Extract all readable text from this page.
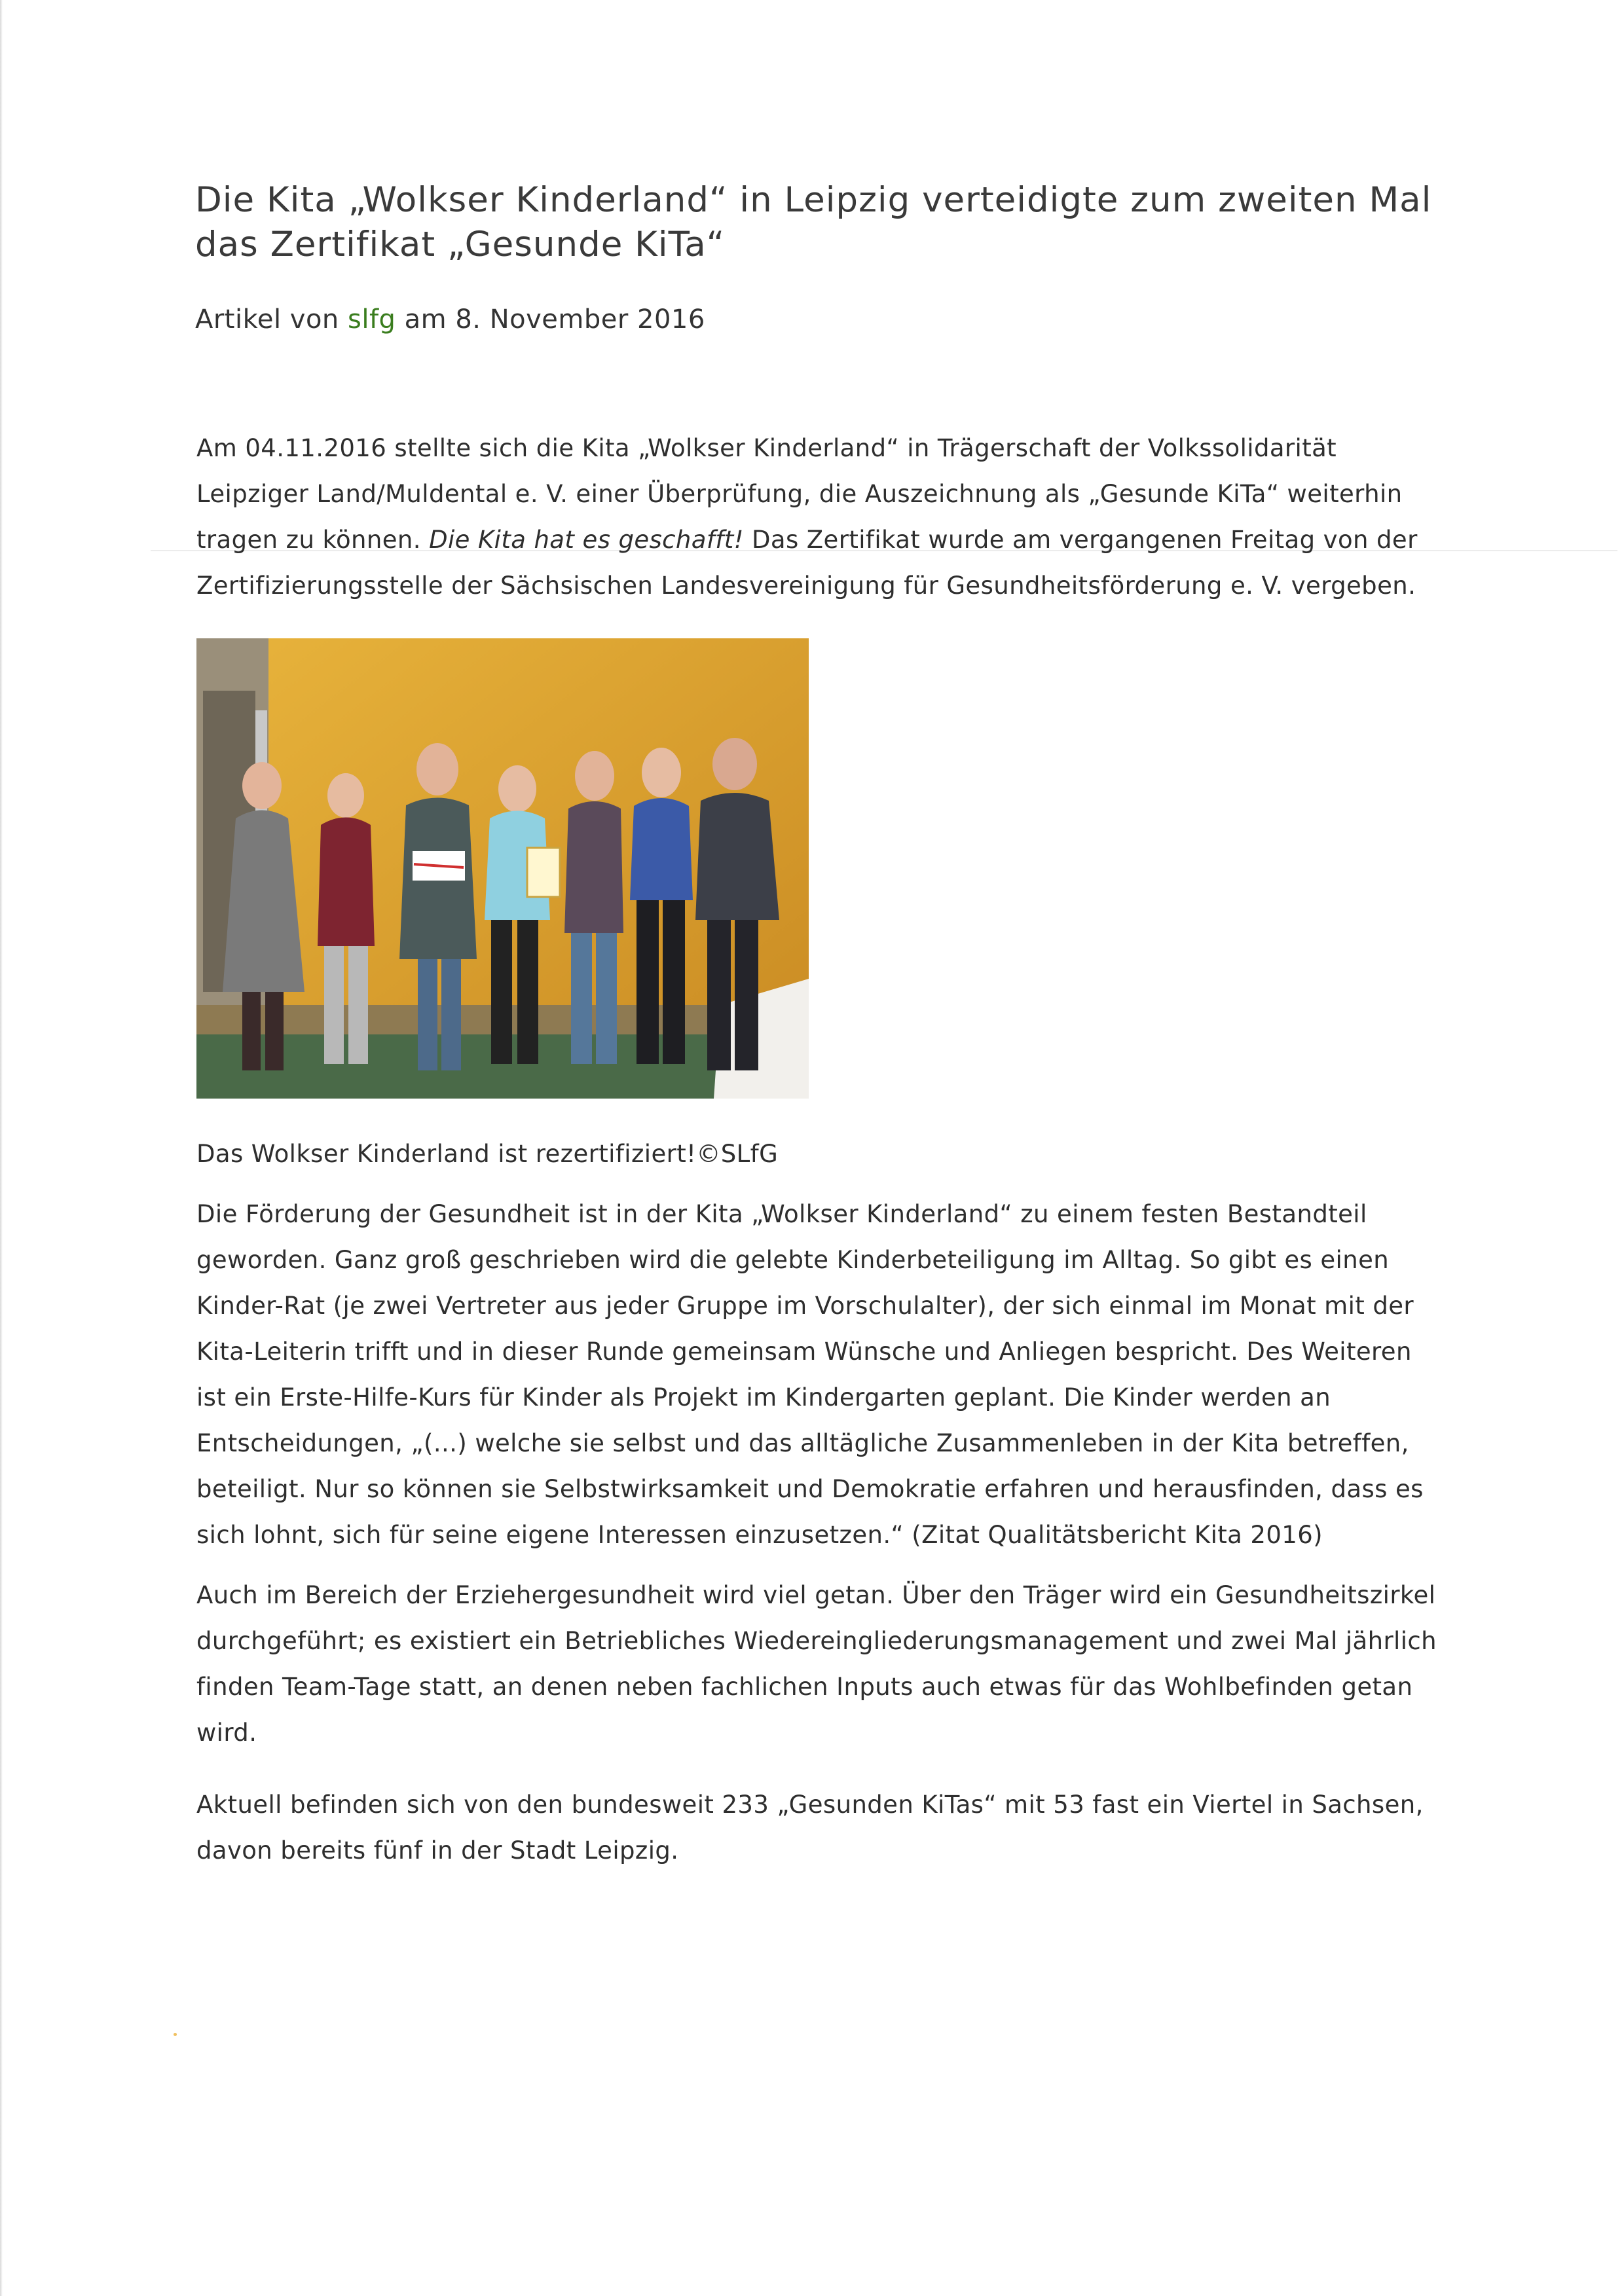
Die Kita „Wolkser Kinderland“ in Leipzig verteidigte zum zweiten Mal das Zertifikat „Gesunde KiTa“
Artikel von slfg am 8. November 2016

Am 04.11.2016 stellte sich die Kita „Wolkser Kinderland“ in Trägerschaft der Volkssolidarität Leipziger Land/Muldental e. V. einer Überprüfung, die Auszeichnung als „Gesunde KiTa“ weiterhin tragen zu können. Die Kita hat es geschafft! Das Zertifikat wurde am vergangenen Freitag von der Zertifizierungsstelle der Sächsischen Landesvereinigung für Gesundheitsförderung e. V. vergeben.

Das Wolkser Kinderland ist rezertifiziert!©SLfG

Die Förderung der Gesundheit ist in der Kita „Wolkser Kinderland“ zu einem festen Bestandteil geworden. Ganz groß geschrieben wird die gelebte Kinderbeteiligung im Alltag. So gibt es einen Kinder-Rat (je zwei Vertreter aus jeder Gruppe im Vorschulalter), der sich einmal im Monat mit der Kita-Leiterin trifft und in dieser Runde gemeinsam Wünsche und Anliegen bespricht. Des Weiteren ist ein Erste-Hilfe-Kurs für Kinder als Projekt im Kindergarten geplant. Die Kinder werden an Entscheidungen, „(...) welche sie selbst und das alltägliche Zusammenleben in der Kita betreffen, beteiligt. Nur so können sie Selbstwirksamkeit und Demokratie erfahren und herausfinden, dass es sich lohnt, sich für seine eigene Interessen einzusetzen.“ (Zitat Qualitätsbericht Kita 2016)

Auch im Bereich der Erziehergesundheit wird viel getan. Über den Träger wird ein Gesundheitszirkel durchgeführt; es existiert ein Betriebliches Wiedereingliederungsmanagement und zwei Mal jährlich finden Team-Tage statt, an denen neben fachlichen Inputs auch etwas für das Wohlbefinden getan wird.

Aktuell befinden sich von den bundesweit 233 „Gesunden KiTas“ mit 53 fast ein Viertel in Sachsen, davon bereits fünf in der Stadt Leipzig.
